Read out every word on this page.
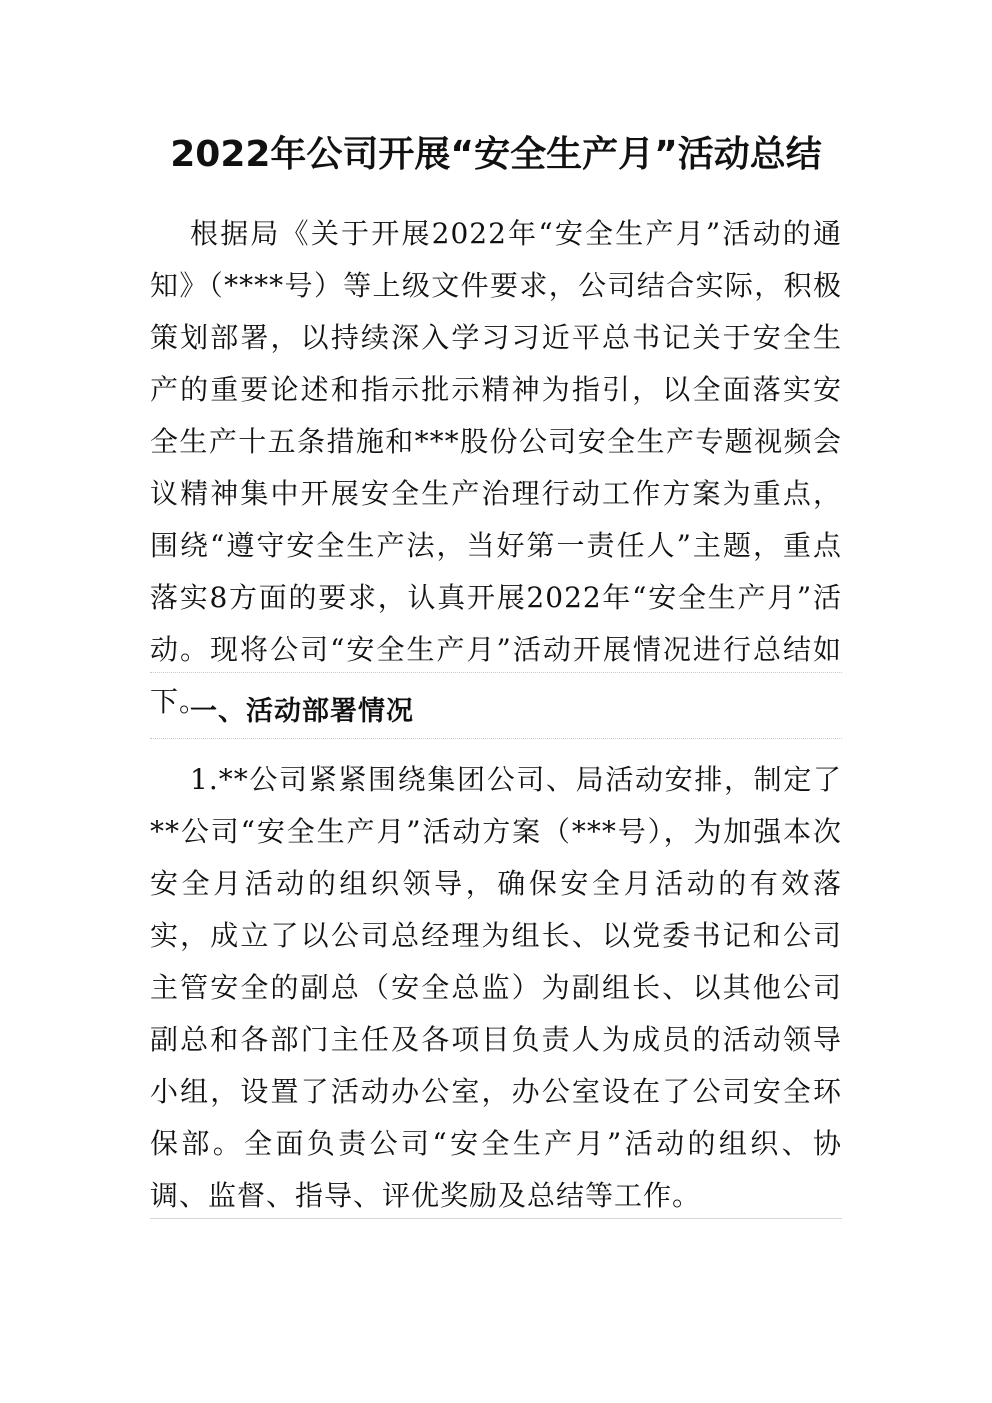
2022年公司开展“安全生产月”活动总结

根据局《关于开展2022年“安全生产月”活动的通知》（****号）等上级文件要求，公司结合实际，积极策划部署，以持续深入学习习近平总书记关于安全生产的重要论述和指示批示精神为指引，以全面落实安全生产十五条措施和***股份公司安全生产专题视频会议精神集中开展安全生产治理行动工作方案为重点，围绕“遵守安全生产法，当好第一责任人”主题，重点落实8方面的要求，认真开展2022年“安全生产月”活动。现将公司“安全生产月”活动开展情况进行总结如下。

一、活动部署情况

1.**公司紧紧围绕集团公司、局活动安排，制定了**公司“安全生产月”活动方案（***号），为加强本次安全月活动的组织领导，确保安全月活动的有效落实，成立了以公司总经理为组长、以党委书记和公司主管安全的副总（安全总监）为副组长、以其他公司副总和各部门主任及各项目负责人为成员的活动领导小组，设置了活动办公室，办公室设在了公司安全环保部。全面负责公司“安全生产月”活动的组织、协调、监督、指导、评优奖励及总结等工作。
